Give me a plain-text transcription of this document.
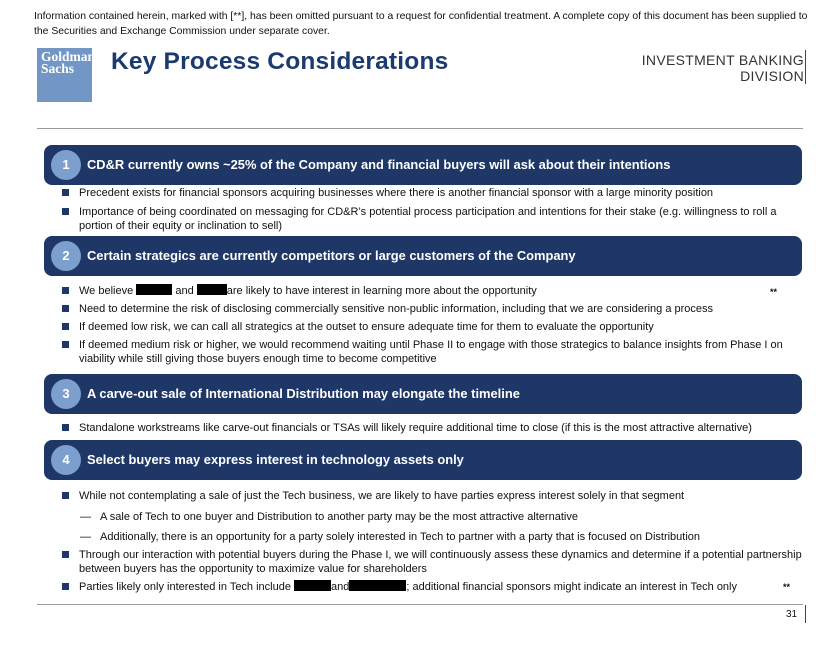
Information contained herein, marked with [**], has been omitted pursuant to a request for confidential treatment. A complete copy of this document has been supplied to the Securities and Exchange Commission under separate cover.
Goldman
Sachs	Key Process Considerations	INVESTMENT BANKING
DIVISION
1	CD&R currently owns ~25% of the Company and financial buyers will ask about their intentions
Precedent exists for financial sponsors acquiring businesses where there is another financial sponsor with a large minority position
Importance of being coordinated on messaging for CD&R’s potential process participation and intentions for their stake (e.g. willingness to roll a portion of their equity or inclination to sell)
2	Certain strategics are currently competitors or large customers of the Company
We believe	and	are likely to have interest in learning more about the opportunity	**
Need to determine the risk of disclosing commercially sensitive non-public information, including that we are considering a process
If deemed low risk, we can call all strategics at the outset to ensure adequate time for them to evaluate the opportunity
If deemed medium risk or higher, we would recommend waiting until Phase II to engage with those strategics to balance insights from Phase I on viability while still giving those buyers enough time to become competitive
3	A carve-out sale of International Distribution may elongate the timeline
Standalone workstreams like carve-out financials or TSAs will likely require additional time to close (if this is the most attractive alternative)
4	Select buyers may express interest in technology assets only
While not contemplating a sale of just the Tech business, we are likely to have parties express interest solely in that segment
— A sale of Tech to one buyer and Distribution to another party may be the most attractive alternative
— Additionally, there is an opportunity for a party solely interested in Tech to partner with a party that is focused on Distribution
Through our interaction with potential buyers during the Phase I, we will continuously assess these dynamics and determine if a potential partnership between buyers has the opportunity to maximize value for shareholders
Parties likely only interested in Tech include	and	; additional financial sponsors might indicate an interest in Tech only	**
31
